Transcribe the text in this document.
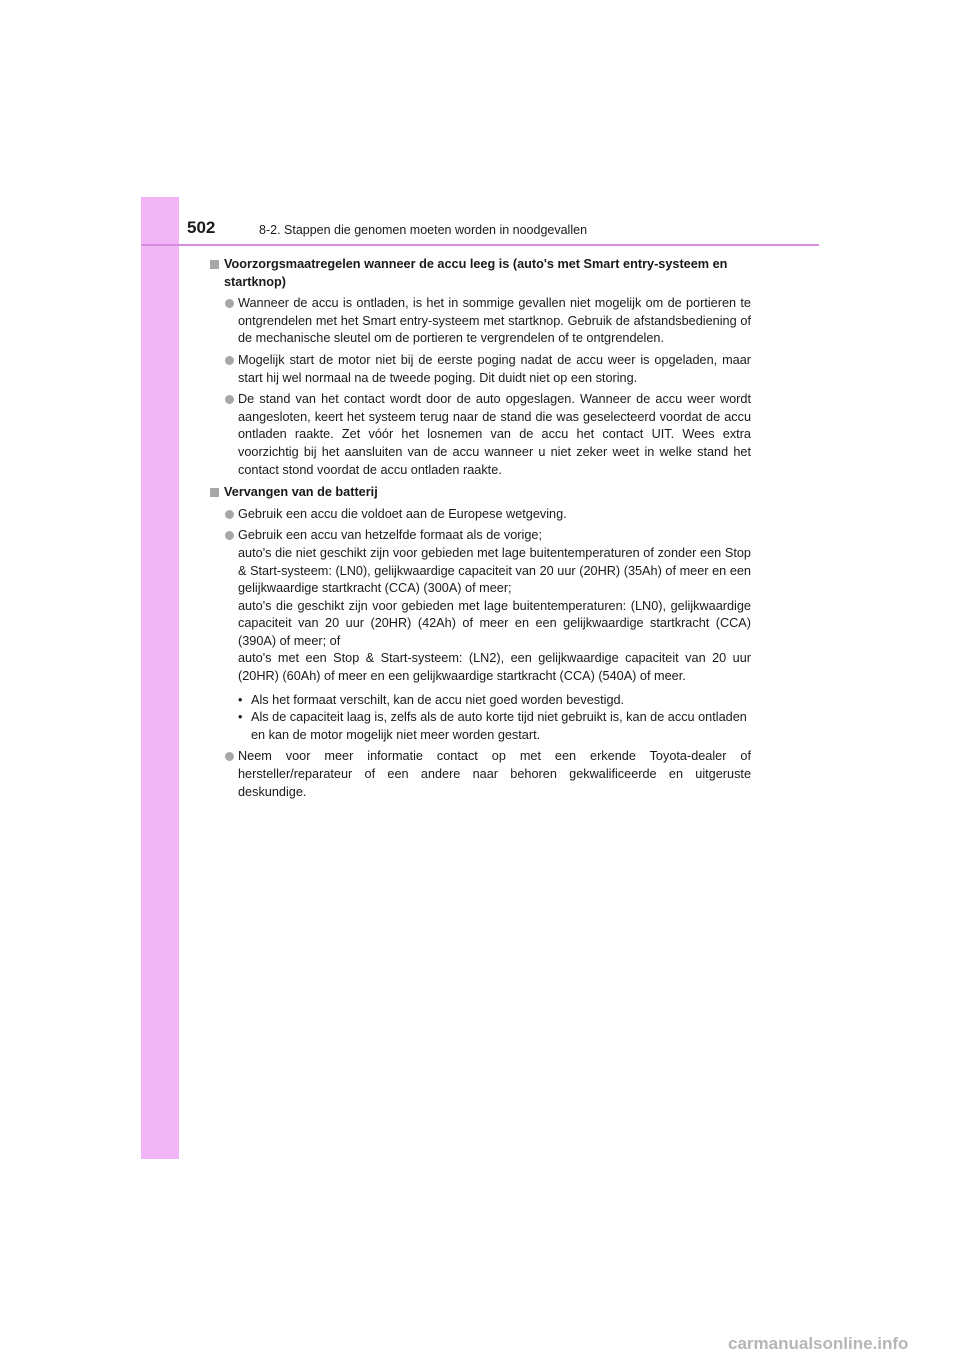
502	8-2. Stappen die genomen moeten worden in noodgevallen
Voorzorgsmaatregelen wanneer de accu leeg is (auto's met Smart entry-systeem en startknop)
Wanneer de accu is ontladen, is het in sommige gevallen niet mogelijk om de portieren te ontgrendelen met het Smart entry-systeem met startknop. Gebruik de afstandsbediening of de mechanische sleutel om de portieren te vergrendelen of te ontgrendelen.
Mogelijk start de motor niet bij de eerste poging nadat de accu weer is opgeladen, maar start hij wel normaal na de tweede poging. Dit duidt niet op een storing.
De stand van het contact wordt door de auto opgeslagen. Wanneer de accu weer wordt aangesloten, keert het systeem terug naar de stand die was geselecteerd voordat de accu ontladen raakte. Zet vóór het losnemen van de accu het contact UIT. Wees extra voorzichtig bij het aansluiten van de accu wanneer u niet zeker weet in welke stand het contact stond voordat de accu ontladen raakte.
Vervangen van de batterij
Gebruik een accu die voldoet aan de Europese wetgeving.
Gebruik een accu van hetzelfde formaat als de vorige;
auto's die niet geschikt zijn voor gebieden met lage buitentemperaturen of zonder een Stop & Start-systeem: (LN0), gelijkwaardige capaciteit van 20 uur (20HR) (35Ah) of meer en een gelijkwaardige startkracht (CCA) (300A) of meer;
auto's die geschikt zijn voor gebieden met lage buitentemperaturen: (LN0), gelijkwaardige capaciteit van 20 uur (20HR) (42Ah) of meer en een gelijkwaardige startkracht (CCA) (390A) of meer; of
auto's met een Stop & Start-systeem: (LN2), een gelijkwaardige capaciteit van 20 uur (20HR) (60Ah) of meer en een gelijkwaardige startkracht (CCA) (540A) of meer.
• Als het formaat verschilt, kan de accu niet goed worden bevestigd.
• Als de capaciteit laag is, zelfs als de auto korte tijd niet gebruikt is, kan de accu ontladen en kan de motor mogelijk niet meer worden gestart.
Neem voor meer informatie contact op met een erkende Toyota-dealer of hersteller/reparateur of een andere naar behoren gekwalificeerde en uitgeruste deskundige.
carmanualsonline.info
